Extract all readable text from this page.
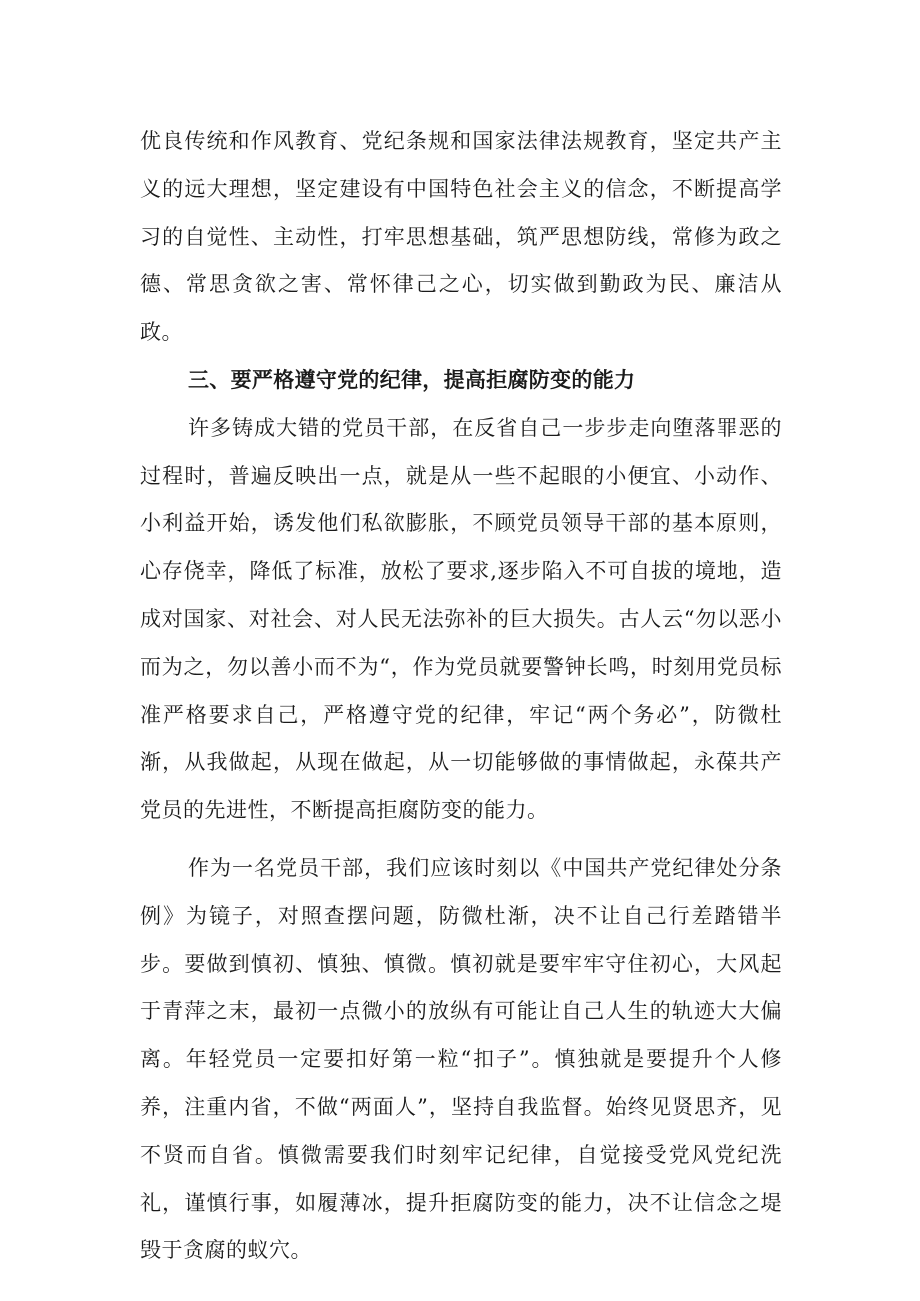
优良传统和作风教育、党纪条规和国家法律法规教育，坚定共产主义的远大理想，坚定建设有中国特色社会主义的信念，不断提高学习的自觉性、主动性，打牢思想基础，筑严思想防线，常修为政之德、常思贪欲之害、常怀律己之心，切实做到勤政为民、廉洁从政。

三、要严格遵守党的纪律，提高拒腐防变的能力

许多铸成大错的党员干部，在反省自己一步步走向堕落罪恶的过程时，普遍反映出一点，就是从一些不起眼的小便宜、小动作、小利益开始，诱发他们私欲膨胀，不顾党员领导干部的基本原则，心存侥幸，降低了标准，放松了要求,逐步陷入不可自拔的境地，造成对国家、对社会、对人民无法弥补的巨大损失。古人云“勿以恶小而为之，勿以善小而不为“，作为党员就要警钟长鸣，时刻用党员标准严格要求自己，严格遵守党的纪律，牢记“两个务必”，防微杜渐，从我做起，从现在做起，从一切能够做的事情做起，永葆共产党员的先进性，不断提高拒腐防变的能力。

作为一名党员干部，我们应该时刻以《中国共产党纪律处分条例》为镜子，对照查摆问题，防微杜渐，决不让自己行差踏错半步。要做到慎初、慎独、慎微。慎初就是要牢牢守住初心，大风起于青萍之末，最初一点微小的放纵有可能让自己人生的轨迹大大偏离。年轻党员一定要扣好第一粒“扣子”。慎独就是要提升个人修养，注重内省，不做“两面人”，坚持自我监督。始终见贤思齐，见不贤而自省。慎微需要我们时刻牢记纪律，自觉接受党风党纪洗礼，谨慎行事，如履薄冰，提升拒腐防变的能力，决不让信念之堤毁于贪腐的蚁穴。
